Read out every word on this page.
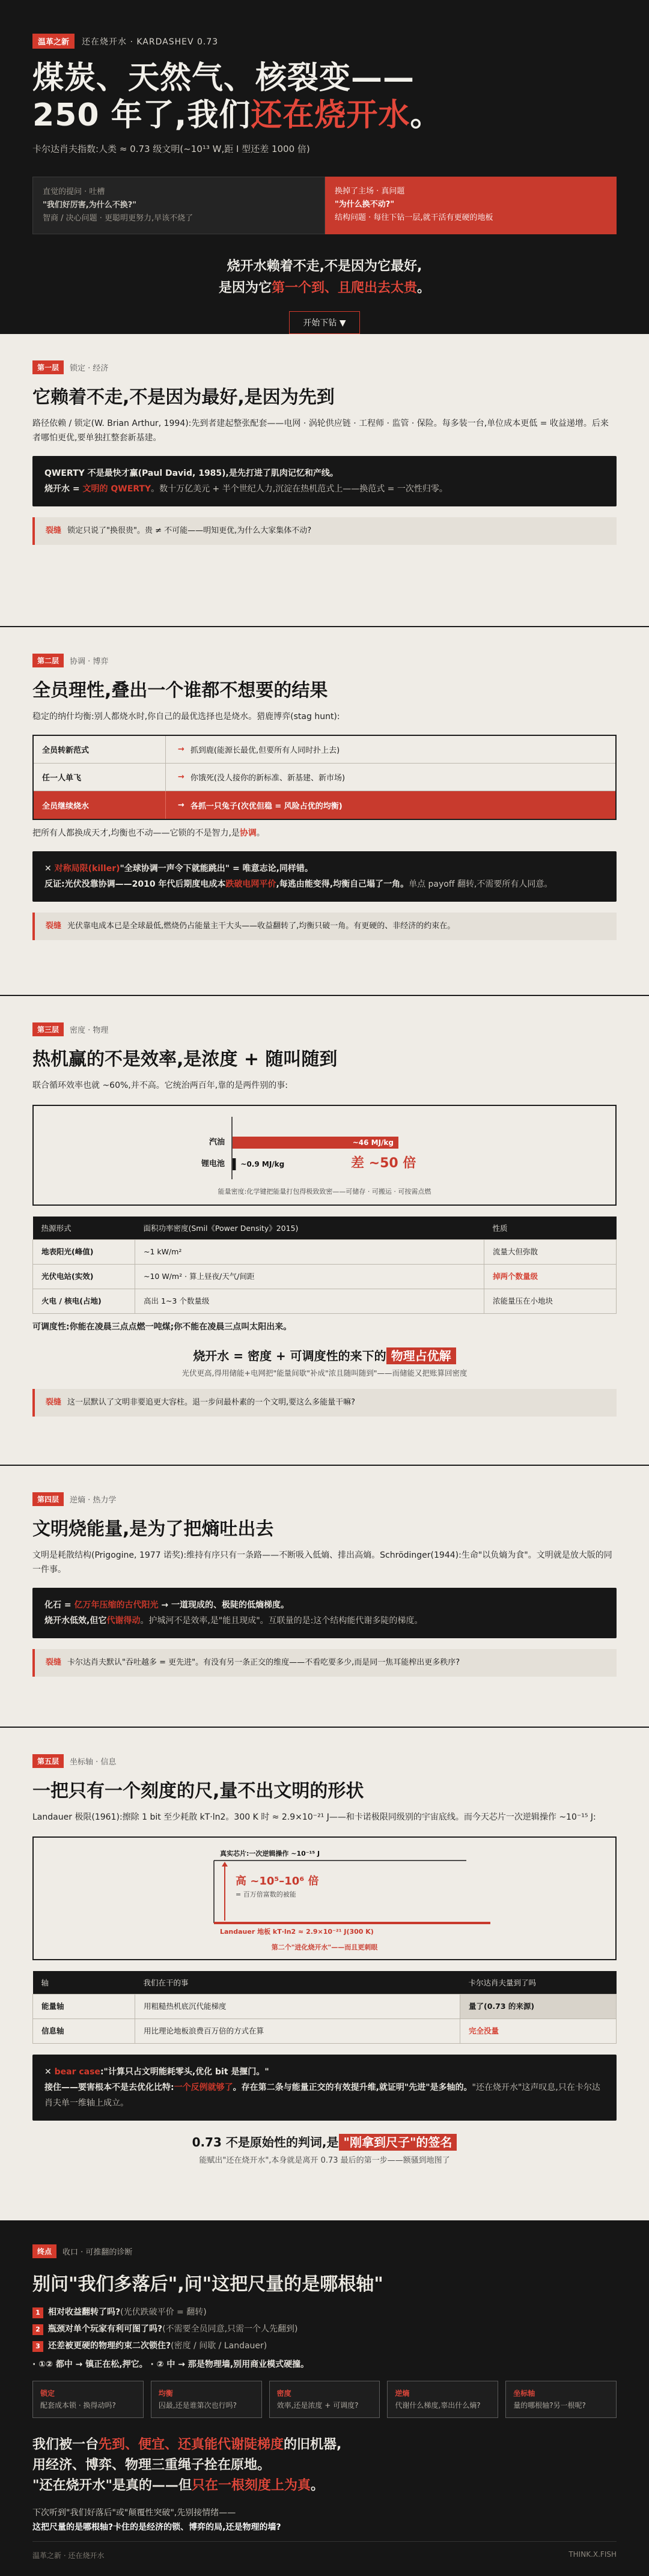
温革之新	还在烧开水 · KARDASHEV 0.73
煤炭、天然气、核裂变——
250 年了,我们还在烧开水。
卡尔达肖夫指数:人类 ≈ 0.73 级文明(~10¹³ W,距 I 型还差 1000 倍)
直觉的提问 · 吐槽
"我们好厉害,为什么不换?"
智商 / 决心问题 · 更聪明更努力,早该不烧了
换掉了主场 · 真问题
"为什么换不动?"
结构问题 · 每往下钻一层,就干活有更硬的地板
烧开水赖着不走,不是因为它最好,
是因为它第一个到、且爬出去太贵。
开始下钻 ▼
第一层	锁定 · 经济
它赖着不走,不是因为最好,是因为先到
路径依赖 / 锁定(W. Brian Arthur, 1994):先到者建起整张配套——电网 · 涡轮供应链 · 工程师 · 监管 · 保险。每多装一台,单位成本更低 = 收益递增。后来者哪怕更优,要单独扛整套新基建。
QWERTY 不是最快才赢(Paul David, 1985),是先打进了肌肉记忆和产线。
烧开水 = 文明的 QWERTY。数十万亿美元 + 半个世纪人力,沉淀在热机范式上——换范式 = 一次性归零。
裂缝 锁定只说了"换很贵"。贵 ≠ 不可能——明知更优,为什么大家集体不动?
第二层	协调 · 博弈
全员理性,叠出一个谁都不想要的结果
稳定的纳什均衡:别人都烧水时,你自己的最优选择也是烧水。猎鹿博弈(stag hunt):
全员转新范式	→ 抓到鹿(能源长最优,但要所有人同时扑上去)
任一人单飞	→ 你饿死(没人接你的新标准、新基建、新市场)
全员继续烧水	→ 各抓一只兔子(次优但稳 = 风险占优的均衡)
把所有人都换成天才,均衡也不动——它锁的不是智力,是协调。
✕ 对称局限(killer)"全球协调一声令下就能跳出" = 唯意志论,同样错。
反证:光伏没靠协调——2010 年代后期度电成本跌破电网平价,每逃由能变得,均衡自己塌了一角。单点 payoff 翻转,不需要所有人同意。
裂缝 光伏靠电成本已是全球最低,燃烧仍占能量主干大头——收益翻转了,均衡只破一角。有更硬的、非经济的约束在。
第三层	密度 · 物理
热机赢的不是效率,是浓度 + 随叫随到
联合循环效率也就 ~60%,并不高。它统治两百年,靠的是两件别的事:
汽油	~46 MJ/kg
锂电池 ~0.9 MJ/kg	差 ~50 倍
能量密度:化学键把能量打包得极致致密——可储存 · 可搬运 · 可按需点燃
热源形式	面积功率密度(Smil《Power Density》2015)	性质
地表阳光(峰值)	~1 kW/m²	流量大但弥散
光伏电站(实效)	~10 W/m² · 算上昼夜/天气/间距	掉两个数量级
火电 / 核电(占地)	高出 1~3 个数量级	浓能量压在小地块
可调度性:你能在凌晨三点点燃一吨煤;你不能在凌晨三点叫太阳出来。
烧开水 = 密度 + 可调度性的来下的 物理占优解
光伏更高,得用储能+电网把"能量间歇"补成"浓且随叫随到"——而储能又把账算回密度
裂缝 这一层默认了文明非要追更大容柱。退一步问最朴素的一个文明,要这么多能量干嘛?
第四层	逆熵 · 热力学
文明烧能量,是为了把熵吐出去
文明是耗散结构(Prigogine, 1977 诺奖):维持有序只有一条路——不断吸入低熵、排出高熵。Schrödinger(1944):生命"以负熵为食"。文明就是放大版的同一件事。
化石 = 亿万年压缩的古代阳光 → 一道现成的、极陡的低熵梯度。
烧开水低效,但它代谢得动。护城河不是效率,是"能且现成"。互联量的是:这个结构能代谢多陡的梯度。
裂缝 卡尔达肖夫默认"吞吐越多 = 更先进"。有没有另一条正交的维度——不看吃要多少,而是同一焦耳能榨出更多秩序?
第五层	坐标轴 · 信息
一把只有一个刻度的尺,量不出文明的形状
Landauer 极限(1961):擦除 1 bit 至少耗散 kT·ln2。300 K 时 ≈ 2.9×10⁻²¹ J——和卡诺极限同级别的宇宙底线。而今天芯片一次逆辑操作 ~10⁻¹⁵ J:
真实芯片:一次逆辑操作 ~10⁻¹⁵ J
高 ~10⁵–10⁶ 倍
= 百万倍富数的被能
Landauer 地板 kT·ln2 ≈ 2.9×10⁻²¹ J(300 K)
第二个"进化烧开水"——而且更刺眼
轴	我们在干的事	卡尔达肖夫量到了吗
能量轴	用粗糙热机底沉代能梯度	量了(0.73 的来源)
信息轴	用比理论地板浪费百万倍的方式在算	完全没量
✕ bear case:"计算只占文明能耗零头,优化 bit 是揠门。"
接住——要害根本不是去优化比特:一个反例就够了。存在第二条与能量正交的有效提升维,就证明"先进"是多轴的。"还在烧开水"这声叹息,只在卡尔达肖夫单一维轴上成立。
0.73 不是原始性的判词,是 "刚拿到尺子"的签名
能赋出"还在烧开水",本身就是离开 0.73 最后的第一步——额骚到地图了
终点	收口 · 可推翻的诊断
别问"我们多落后",问"这把尺量的是哪根轴"
1 相对收益翻转了吗?(光伏跌破平价 = 翻转)
2 瓶颈对单个玩家有利可图了吗?(不需要全员同意,只需一个人先翻到)
3 还差被更硬的物理约束二次锁住?(密度 / 间歇 / Landauer)
· ①② 都中 → 镇正在松,押它。 · ② 中 → 那是物理墙,别用商业模式硬撞。
锁定
配套成本锁 · 换得动吗?
均衡
囚最,还是谁第次也行吗?
密度
效率,还是浓度 + 可调度?
逆熵
代谢什么梯度,辜出什么熵?
坐标轴
量的哪根轴?另一根呢?
我们被一台先到、便宜、还真能代谢陡梯度的旧机器,
用经济、博弈、物理三重绳子拴在原地。
"还在烧开水"是真的——但只在一根刻度上为真。
下次听到"我们好落后"或"颠覆性突破",先别接情绪——
这把尺量的是哪根轴?卡住的是经济的锁、博弈的局,还是物理的墙?
温革之新 · 还在烧开水	THINK.X.FISH
